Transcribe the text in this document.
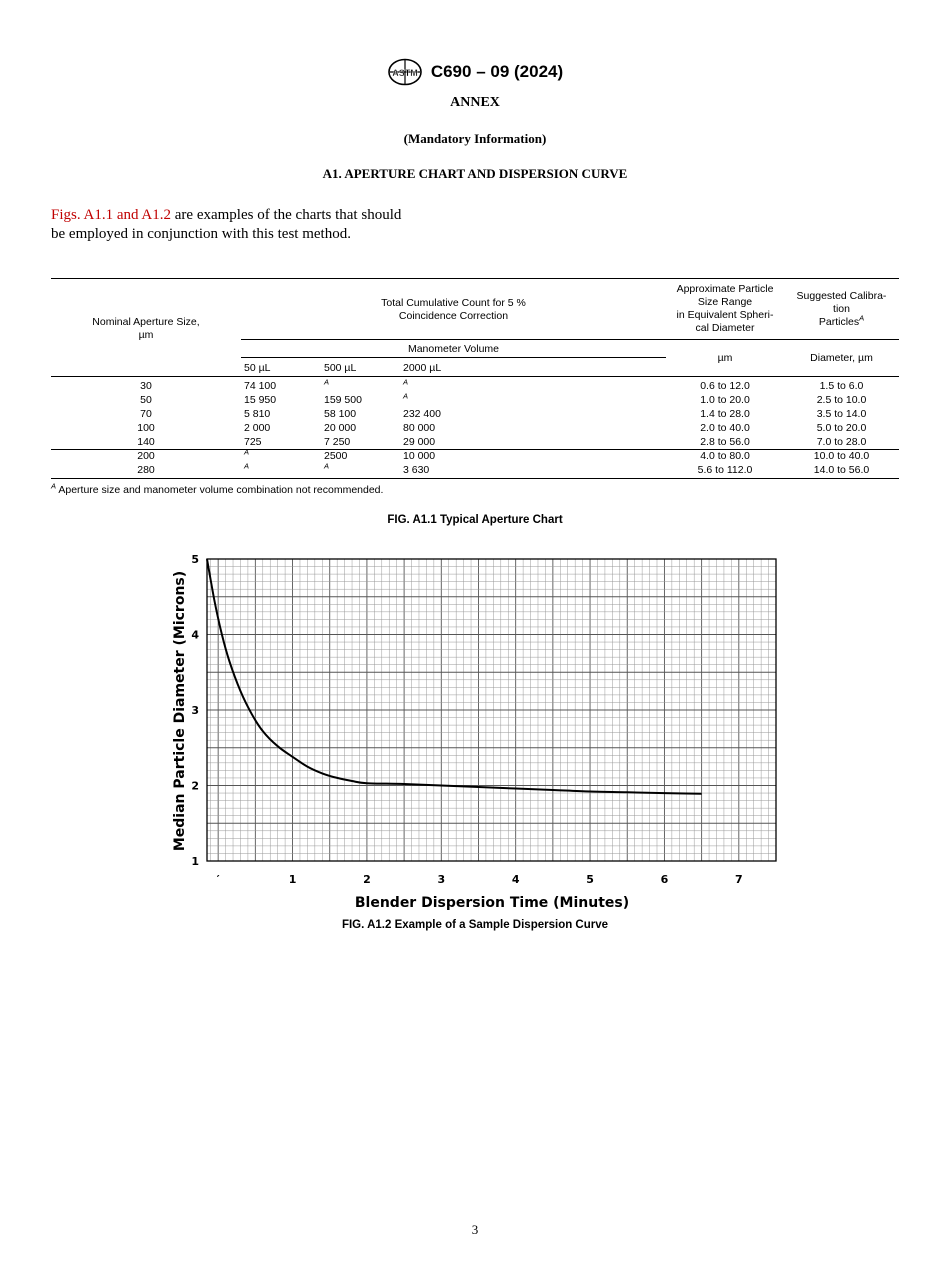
ASTM C690 – 09 (2024)
ANNEX
(Mandatory Information)
A1. APERTURE CHART AND DISPERSION CURVE
Figs. A1.1 and A1.2 are examples of the charts that should
be employed in conjunction with this test method.
Nominal Aperture Size,
µm
Total Cumulative Count for 5 %
Coincidence Correction
Approximate Particle
Size Range
in Equivalent Spheri-
cal Diameter
Suggested Calibra-
tion
Particles$^A$
Manometer Volume
µm	Diameter, µm
50 µL	500 µL	2000 µL
30	74 100	$^A$	$^A$	0.6 to 12.0	1.5 to 6.0
50	15 950	159 500	$^A$	1.0 to 20.0	2.5 to 10.0
70	5 810	58 100	232 400	1.4 to 28.0	3.5 to 14.0
100	2 000	20 000	80 000	2.0 to 40.0	5.0 to 20.0
140	725	7 250	29 000	2.8 to 56.0	7.0 to 28.0
200	$^A$	2500	10 000	4.0 to 80.0	10.0 to 40.0
280	$^A$	$^A$	3 630	5.6 to 112.0	14.0 to 56.0
$^A$ Aperture size and manometer volume combination not recommended.
FIG. A1.1 Typical Aperture Chart
′	1	2	3	4	5	6	7
1
2
3
4
5
Blender Dispersion Time (Minutes)
Median Particle Diameter (Microns)
FIG. A1.2 Example of a Sample Dispersion Curve
3
